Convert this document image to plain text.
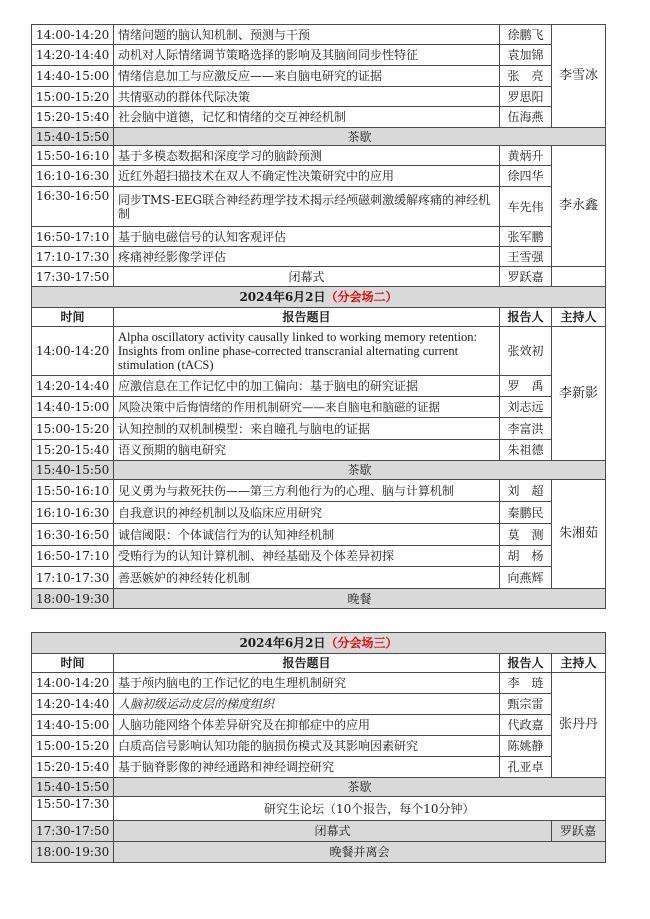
14:00-14:20	情绪问题的脑认知机制、预测与干预	徐鹏飞	李雪冰
14:20-14:40	动机对人际情绪调节策略选择的影响及其脑间同步性特征	袁加锦	
14:40-15:00	情绪信息加工与应激反应——来自脑电研究的证据	张　亮	
15:00-15:20	共情驱动的群体代际决策	罗思阳	
15:20-15:40	社会脑中道德，记忆和情绪的交互神经机制	伍海燕	
15:40-15:50	茶歇		
15:50-16:10	基于多模态数据和深度学习的脑龄预测	黄炳升	李永鑫
16:10-16:30	近红外超扫描技术在双人不确定性决策研究中的应用	徐四华	
16:30-16:50	同步TMS-EEG联合神经药理学技术揭示经颅磁刺激缓解疼痛的神经机制	车先伟	
16:50-17:10	基于脑电磁信号的认知客观评估	张军鹏	
17:10-17:30	疼痛神经影像学评估	王雪强	
17:30-17:50	闭幕式	罗跃嘉	
2024年6月2日（分会场二）			
时间	报告题目	报告人	主持人
14:00-14:20	Alpha oscillatory activity causally linked to working memory retention: Insights from online phase-corrected transcranial alternating current stimulation (tACS)	张效初	李新影
14:20-14:40	应激信息在工作记忆中的加工偏向：基于脑电的研究证据	罗　禹	
14:40-15:00	风险决策中后悔情绪的作用机制研究——来自脑电和脑磁的证据	刘志远	
15:00-15:20	认知控制的双机制模型：来自瞳孔与脑电的证据	李富洪	
15:20-15:40	语义预期的脑电研究	朱祖德	
15:40-15:50	茶歇		
15:50-16:10	见义勇为与救死扶伤——第三方利他行为的心理、脑与计算机制	刘　超	朱湘茹
16:10-16:30	自我意识的神经机制以及临床应用研究	秦鹏民	
16:30-16:50	诚信阈限：个体诚信行为的认知神经机制	莫　测	
16:50-17:10	受贿行为的认知计算机制、神经基础及个体差异初探	胡　杨	
17:10-17:30	善恶嫉妒的神经转化机制	向燕辉	
18:00-19:30	晚餐		
2024年6月2日（分会场三）			
时间	报告题目	报告人	主持人
14:00-14:20	基于颅内脑电的工作记忆的电生理机制研究	李　琏	张丹丹
14:20-14:40	人脑初级运动皮层的梯度组织	甄宗雷	
14:40-15:00	人脑功能网络个体差异研究及在抑郁症中的应用	代政嘉	
15:00-15:20	白质高信号影响认知功能的脑损伤模式及其影响因素研究	陈姚静	
15:20-15:40	基于脑脊影像的神经通路和神经调控研究	孔亚卓	
15:40-15:50	茶歇		
15:50-17:30	研究生论坛（10个报告，每个10分钟）		
17:30-17:50	闭幕式		罗跃嘉
18:00-19:30	晚餐并离会		
